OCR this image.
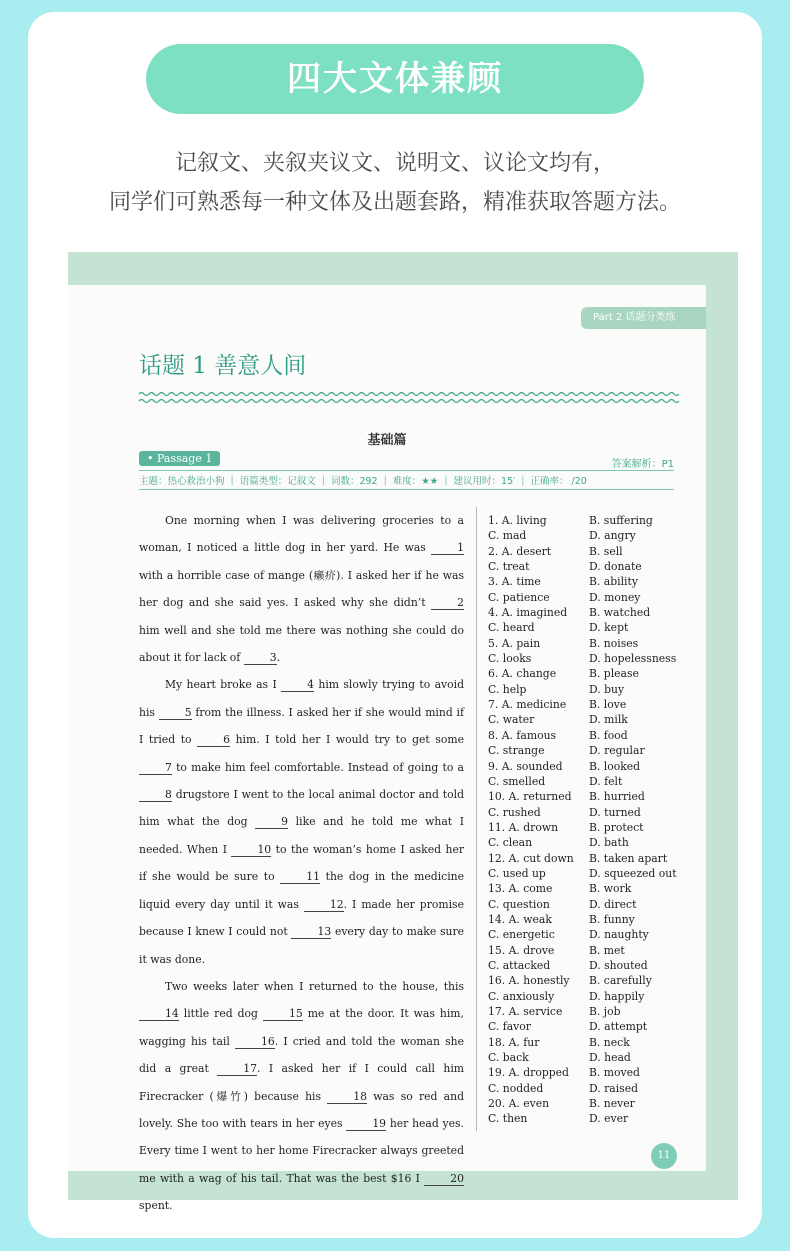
四大文体兼顾
记叙文、夹叙夹议文、说明文、议论文均有，
同学们可熟悉每一种文体及出题套路，精准获取答题方法。
Part 2 话题分类练
话题 1 善意人间
基础篇
• Passage 1	答案解析：P1
主题：热心救治小狗 | 语篇类型：记叙文 | 词数：292 | 难度：★★ | 建议用时：15′ | 正确率： /20

One morning when I was delivering groceries to a woman, I noticed a little dog in her yard. He was 1 with a horrible case of mange (癞疥). I asked her if he was her dog and she said yes. I asked why she didn’t 2 him well and she told me there was nothing she could do about it for lack of 3.

My heart broke as I 4 him slowly trying to avoid his 5 from the illness. I asked her if she would mind if I tried to 6 him. I told her I would try to get some 7 to make him feel comfortable. Instead of going to a 8 drugstore I went to the local animal doctor and told him what the dog 9 like and he told me what I needed. When I 10 to the woman’s home I asked her if she would be sure to 11 the dog in the medicine liquid every day until it was 12. I made her promise because I knew I could not 13 every day to make sure it was done.

Two weeks later when I returned to the house, this 14 little red dog 15 me at the door. It was him, wagging his tail 16. I cried and told the woman she did a great 17. I asked her if I could call him Firecracker (爆竹) because his 18 was so red and lovely. She too with tears in her eyes 19 her head yes. Every time I went to her home Firecracker always greeted me with a wag of his tail. That was the best $16 I 20 spent.

1. A. living	B. suffering
C. mad	D. angry
2. A. desert	B. sell
C. treat	D. donate
3. A. time	B. ability
C. patience	D. money
4. A. imagined B. watched
C. heard	D. kept
5. A. pain	B. noises
C. looks	D. hopelessness
6. A. change	B. please
C. help	D. buy
7. A. medicine B. love
C. water	D. milk
8. A. famous	B. food
C. strange	D. regular
9. A. sounded B. looked
C. smelled	D. felt
10. A. returned B. hurried
C. rushed	D. turned
11. A. drown	B. protect
C. clean	D. bath
12. A. cut down B. taken apart
C. used up	D. squeezed out
13. A. come	B. work
C. question	D. direct
14. A. weak	B. funny
C. energetic	D. naughty
15. A. drove	B. met
C. attacked	D. shouted
16. A. honestly B. carefully
C. anxiously	D. happily
17. A. service B. job
C. favor	D. attempt
18. A. fur	B. neck
C. back	D. head
19. A. dropped B. moved
C. nodded	D. raised
20. A. even	B. never
C. then	D. ever
11
